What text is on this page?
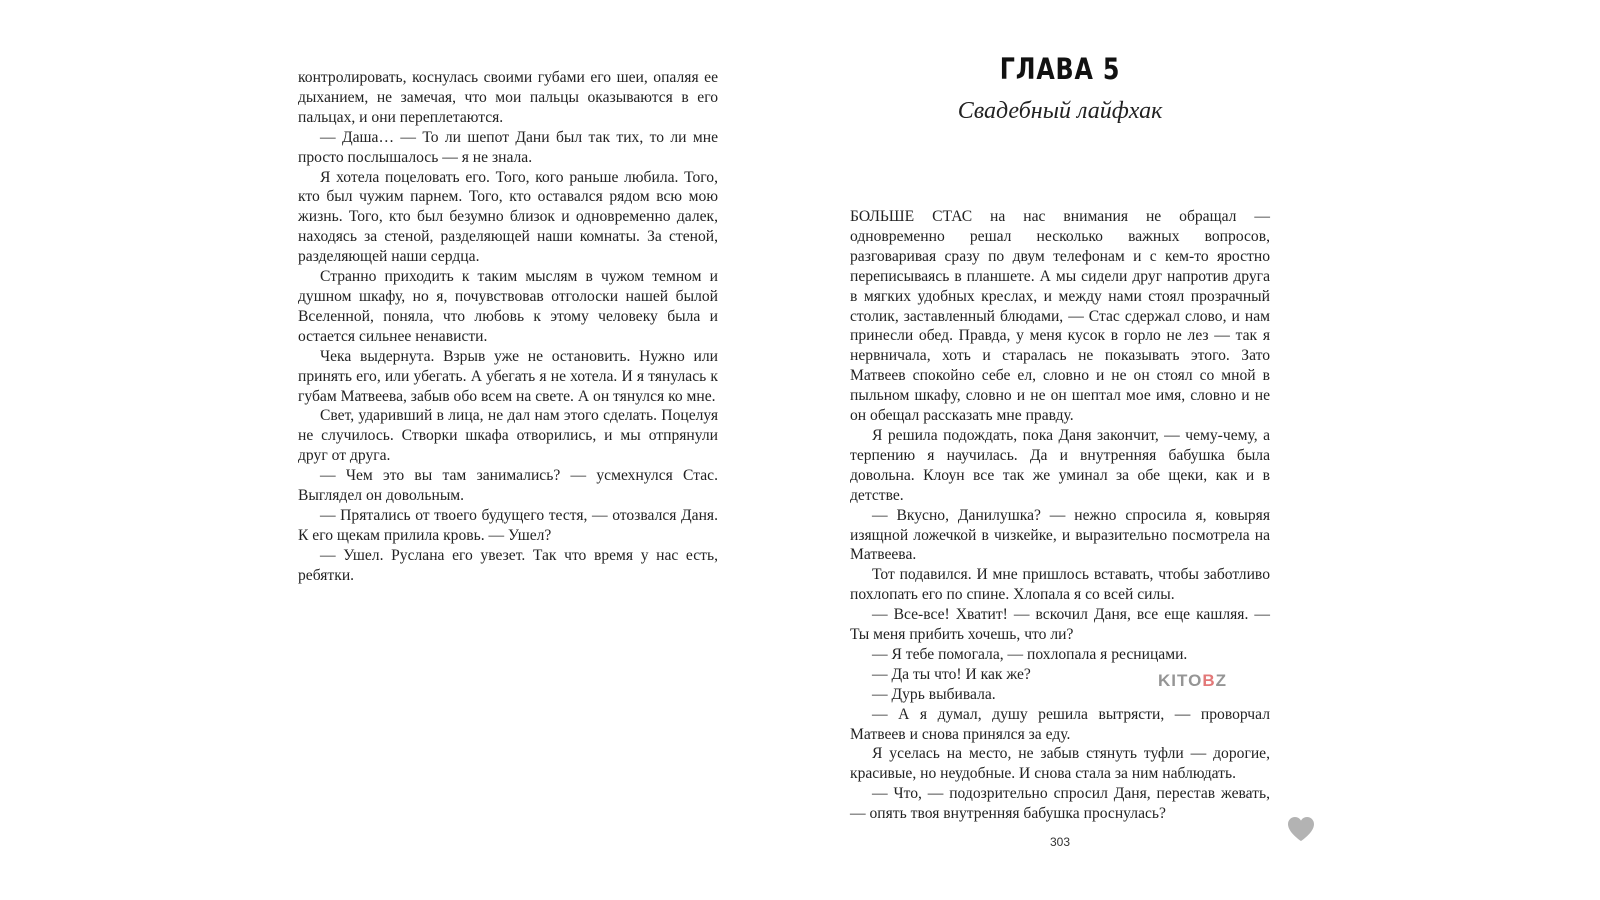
контролировать, коснулась своими губами его шеи, опаляя ее дыханием, не замечая, что мои пальцы оказываются в его пальцах, и они переплетаются.

— Даша… — То ли шепот Дани был так тих, то ли мне просто послышалось — я не знала.

Я хотела поцеловать его. Того, кого раньше любила. Того, кто был чужим парнем. Того, кто оставался рядом всю мою жизнь. Того, кто был безумно близок и одновременно далек, находясь за стеной, разделяющей наши комнаты. За стеной, разделяющей наши сердца.

Странно приходить к таким мыслям в чужом темном и душном шкафу, но я, почувствовав отголоски нашей былой Вселенной, поняла, что любовь к этому человеку была и остается сильнее ненависти.

Чека выдернута. Взрыв уже не остановить. Нужно или принять его, или убегать. А убегать я не хотела. И я тянулась к губам Матвеева, забыв обо всем на свете. А он тянулся ко мне.

Свет, ударивший в лица, не дал нам этого сделать. Поцелуя не случилось. Створки шкафа отворились, и мы отпрянули друг от друга.

— Чем это вы там занимались? — усмехнулся Стас. Выглядел он довольным.

— Прятались от твоего будущего тестя, — отозвался Даня. К его щекам прилила кровь. — Ушел?

— Ушел. Руслана его увезет. Так что время у нас есть, ребятки.

ГЛАВА 5
Свадебный лайфхак

БОЛЬШЕ СТАС на нас внимания не обращал — одновременно решал несколько важных вопросов, разговаривая сразу по двум телефонам и с кем-то яростно переписываясь в планшете. А мы сидели друг напротив друга в мягких удобных креслах, и между нами стоял прозрачный столик, заставленный блюдами, — Стас сдержал слово, и нам принесли обед. Правда, у меня кусок в горло не лез — так я нервничала, хоть и старалась не показывать этого. Зато Матвеев спокойно себе ел, словно и не он стоял со мной в пыльном шкафу, словно и не он шептал мое имя, словно и не он обещал рассказать мне правду.

Я решила подождать, пока Даня закончит, — чему-чему, а терпению я научилась. Да и внутренняя бабушка была довольна. Клоун все так же уминал за обе щеки, как и в детстве.

— Вкусно, Данилушка? — нежно спросила я, ковыряя изящной ложечкой в чизкейке, и выразительно посмотрела на Матвеева.

Тот подавился. И мне пришлось вставать, чтобы заботливо похлопать его по спине. Хлопала я со всей силы.

— Все-все! Хватит! — вскочил Даня, все еще кашляя. — Ты меня прибить хочешь, что ли?

— Я тебе помогала, — похлопала я ресницами.

— Да ты что! И как же?

— Дурь выбивала.

— А я думал, душу решила вытрясти, — проворчал Матвеев и снова принялся за еду.

Я уселась на место, не забыв стянуть туфли — дорогие, красивые, но неудобные. И снова стала за ним наблюдать.

— Что, — подозрительно спросил Даня, перестав жевать, — опять твоя внутренняя бабушка проснулась?

303
KITOBZ
